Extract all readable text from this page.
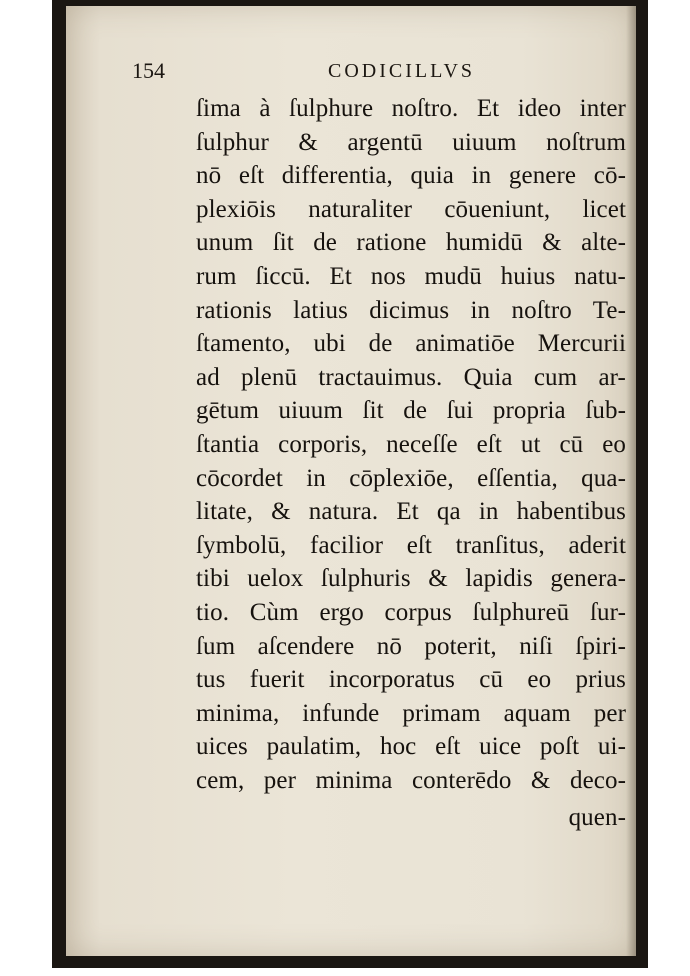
154	CODICILLVS
ſima à ſulphure noſtro. Et ideo inter
ſulphur & argentū uiuum noſtrum
nō eſt differentia, quia in genere cō-
plexiōis naturaliter cōueniunt, licet
unum ſit de ratione humidū & alte-
rum ſiccū. Et nos mudū huius natu-
rationis latius dicimus in noſtro Te-
ſtamento, ubi de animatiōe Mercurii
ad plenū tractauimus. Quia cum ar-
gētum uiuum ſit de ſui propria ſub-
ſtantia corporis, neceſſe eſt ut cū eo
cōcordet in cōplexiōe, eſſentia, qua-
litate, & natura. Et qa in habentibus
ſymbolū, facilior eſt tranſitus, aderit
tibi uelox ſulphuris & lapidis genera-
tio. Cùm ergo corpus ſulphureū ſur-
ſum aſcendere nō poterit, niſi ſpiri-
tus fuerit incorporatus cū eo prius
minima, infunde primam aquam per
uices paulatim, hoc eſt uice poſt ui-
cem, per minima conterēdo & deco-
quen-
